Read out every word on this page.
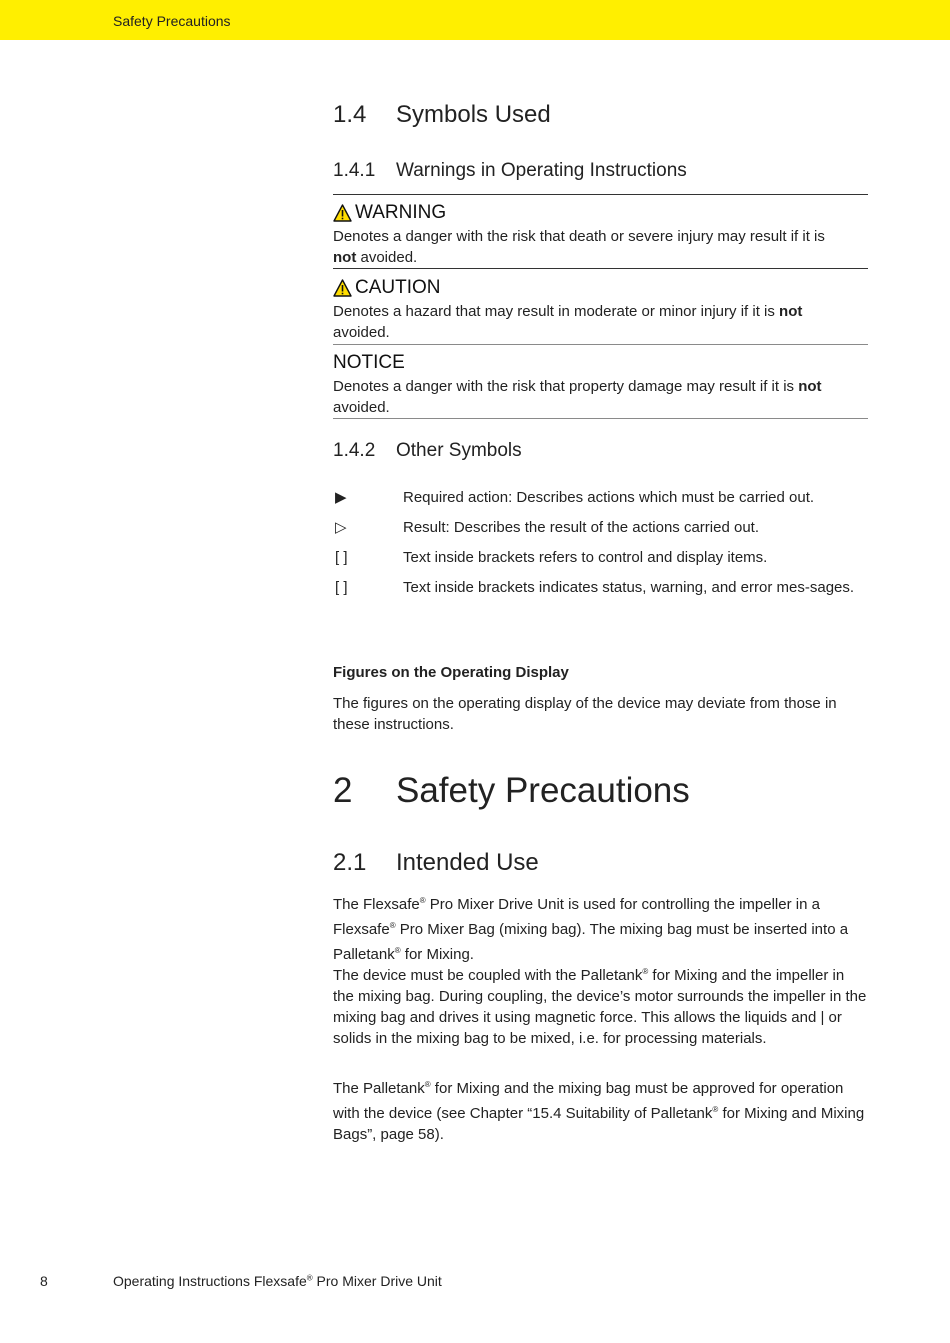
Safety Precautions
1.4 Symbols Used
1.4.1 Warnings in Operating Instructions
WARNING
Denotes a danger with the risk that death or severe injury may result if it is
not avoided.
CAUTION
Denotes a hazard that may result in moderate or minor injury if it is not
avoided.
NOTICE
Denotes a danger with the risk that property damage may result if it is not
avoided.
1.4.2 Other Symbols
▶	Required action: Describes actions which must be carried out.
▷	Result: Describes the result of the actions carried out.
[ ]	Text inside brackets refers to control and display items.
[ ]	Text inside brackets indicates status, warning, and error mes-sages.
Figures on the Operating Display

The figures on the operating display of the device may deviate from those in these instructions.

2 Safety Precautions
2.1 Intended Use

The Flexsafe® Pro Mixer Drive Unit is used for controlling the impeller in a Flexsafe® Pro Mixer Bag (mixing bag). The mixing bag must be inserted into a Palletank® for Mixing.

The device must be coupled with the Palletank® for Mixing and the impeller in the mixing bag. During coupling, the device’s motor surrounds the impeller in the mixing bag and drives it using magnetic force. This allows the liquids and | or solids in the mixing bag to be mixed, i.e. for processing materials.

The Palletank® for Mixing and the mixing bag must be approved for operation with the device (see Chapter “15.4 Suitability of Palletank® for Mixing and Mixing Bags”, page 58).

8	Operating Instructions Flexsafe® Pro Mixer Drive Unit
